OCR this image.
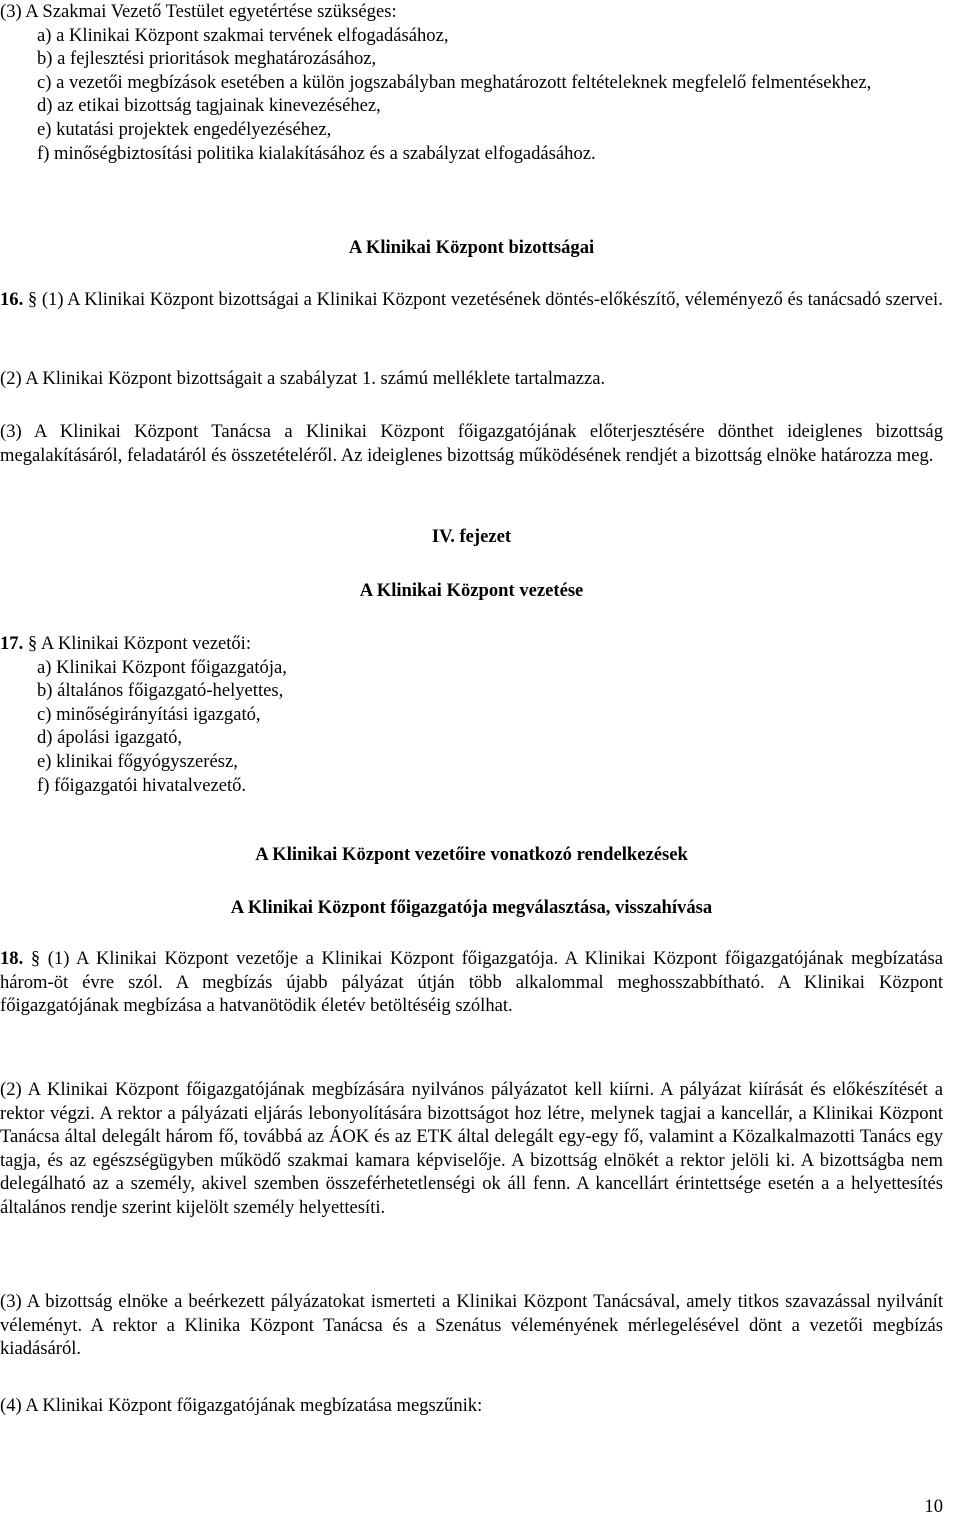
(3) A Szakmai Vezető Testület egyetértése szükséges:
a) a Klinikai Központ szakmai tervének elfogadásához,
b) a fejlesztési prioritások meghatározásához,
c) a vezetői megbízások esetében a külön jogszabályban meghatározott feltételeknek megfelelő felmentésekhez,
d) az etikai bizottság tagjainak kinevezéséhez,
e) kutatási projektek engedélyezéséhez,
f) minőségbiztosítási politika kialakításához és a szabályzat elfogadásához.
A Klinikai Központ bizottságai
16. § (1) A Klinikai Központ bizottságai a Klinikai Központ vezetésének döntés-előkészítő, véleményező és tanácsadó szervei.
(2) A Klinikai Központ bizottságait a szabályzat 1. számú melléklete tartalmazza.
(3) A Klinikai Központ Tanácsa a Klinikai Központ főigazgatójának előterjesztésére dönthet ideiglenes bizottság megalakításáról, feladatáról és összetételéről. Az ideiglenes bizottság működésének rendjét a bizottság elnöke határozza meg.
IV. fejezet
A Klinikai Központ vezetése
17. § A Klinikai Központ vezetői:
a) Klinikai Központ főigazgatója,
b) általános főigazgató-helyettes,
c) minőségirányítási igazgató,
d) ápolási igazgató,
e) klinikai főgyógyszerész,
f) főigazgatói hivatalvezető.
A Klinikai Központ vezetőire vonatkozó rendelkezések
A Klinikai Központ főigazgatója megválasztása, visszahívása
18. § (1) A Klinikai Központ vezetője a Klinikai Központ főigazgatója. A Klinikai Központ főigazgatójának megbízatása három-öt évre szól. A megbízás újabb pályázat útján több alkalommal meghosszabbítható. A Klinikai Központ főigazgatójának megbízása a hatvanötödik életév betöltéséig szólhat.
(2) A Klinikai Központ főigazgatójának megbízására nyilvános pályázatot kell kiírni. A pályázat kiírását és előkészítését a rektor végzi. A rektor a pályázati eljárás lebonyolítására bizottságot hoz létre, melynek tagjai a kancellár, a Klinikai Központ Tanácsa által delegált három fő, továbbá az ÁOK és az ETK által delegált egy-egy fő, valamint a Közalkalmazotti Tanács egy tagja, és az egészségügyben működő szakmai kamara képviselője. A bizottság elnökét a rektor jelöli ki. A bizottságba nem delegálható az a személy, akivel szemben összeférhetetlenségi ok áll fenn. A kancellárt érintettsége esetén a a helyettesítés általános rendje szerint kijelölt személy helyettesíti.
(3) A bizottság elnöke a beérkezett pályázatokat ismerteti a Klinikai Központ Tanácsával, amely titkos szavazással nyilvánít véleményt. A rektor a Klinika Központ Tanácsa és a Szenátus véleményének mérlegelésével dönt a vezetői megbízás kiadásáról.
(4) A Klinikai Központ főigazgatójának megbízatása megszűnik:
10
